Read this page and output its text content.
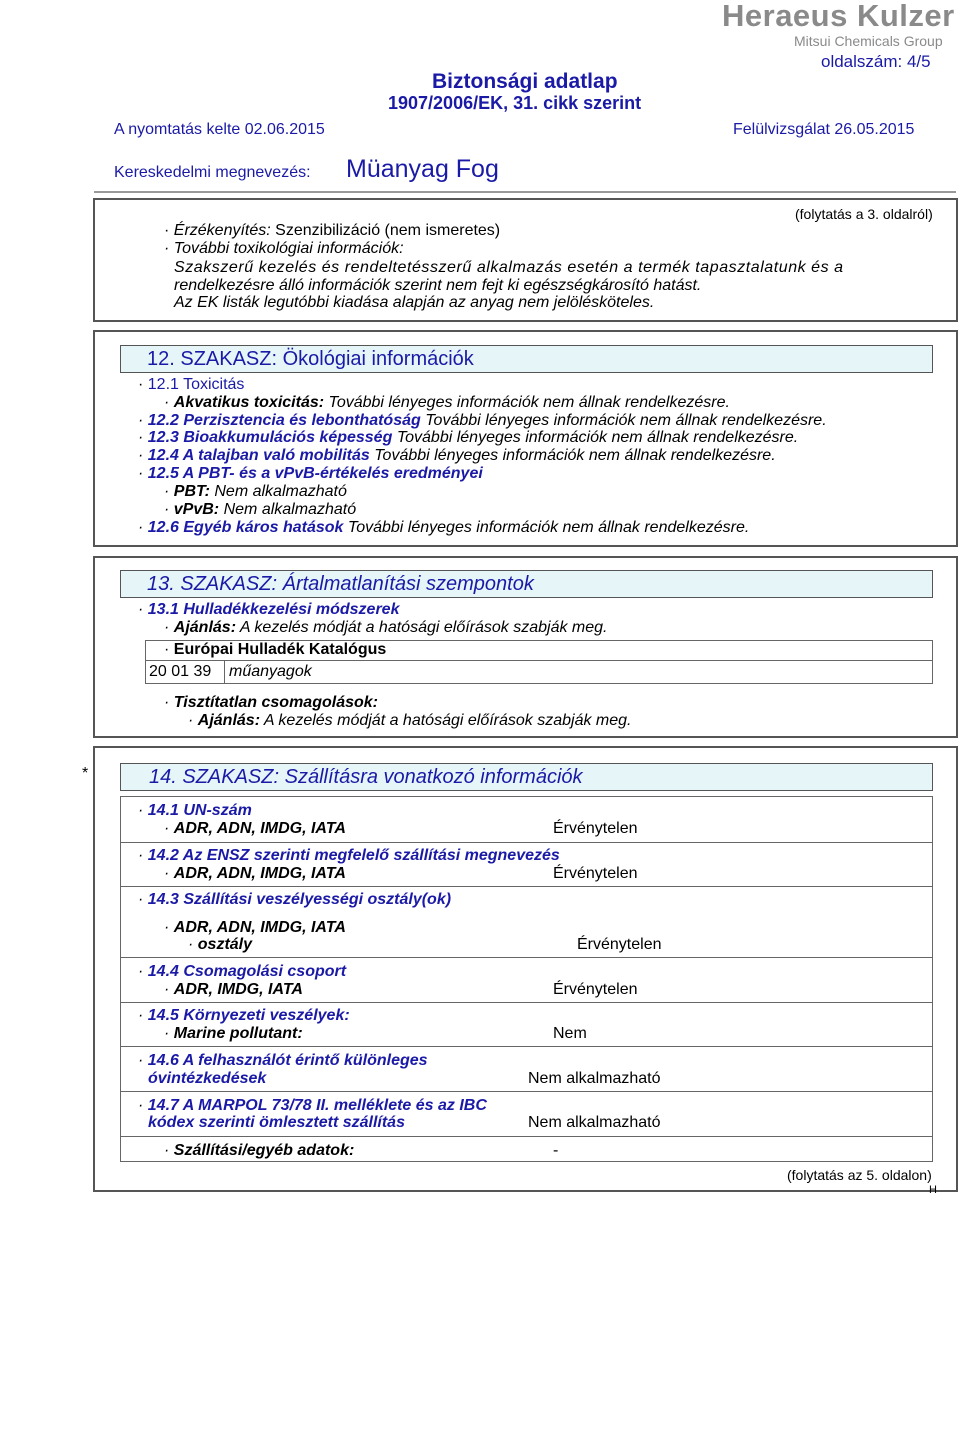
Heraeus Kulzer
Mitsui Chemicals Group
oldalszám: 4/5
Biztonsági adatlap
1907/2006/EK, 31. cikk szerint
A nyomtatás kelte 02.06.2015	Felülvizsgálat 26.05.2015
Kereskedelmi megnevezés: Müanyag Fog
(folytatás a 3. oldalról)
· Érzékenyítés: Szenzibilizáció (nem ismeretes)
· További toxikológiai információk:
Szakszerű kezelés és rendeltetésszerű alkalmazás esetén a termék tapasztalatunk és a
rendelkezésre álló információk szerint nem fejt ki egészségkárosító hatást.
Az EK listák legutóbbi kiadása alapján az anyag nem jelölésköteles.
12. SZAKASZ: Ökológiai információk
· 12.1 Toxicitás
· Akvatikus toxicitás: További lényeges információk nem állnak rendelkezésre.
· 12.2 Perzisztencia és lebonthatóság További lényeges információk nem állnak rendelkezésre.
· 12.3 Bioakkumulációs képesség További lényeges információk nem állnak rendelkezésre.
· 12.4 A talajban való mobilitás További lényeges információk nem állnak rendelkezésre.
· 12.5 A PBT- és a vPvB-értékelés eredményei
· PBT: Nem alkalmazható
· vPvB: Nem alkalmazható
· 12.6 Egyéb káros hatások További lényeges információk nem állnak rendelkezésre.
13. SZAKASZ: Ártalmatlanítási szempontok
· 13.1 Hulladékkezelési módszerek
· Ajánlás: A kezelés módját a hatósági előírások szabják meg.
· Európai Hulladék Katalógus
20 01 39 műanyagok
· Tisztítatlan csomagolások:
· Ajánlás: A kezelés módját a hatósági előírások szabják meg.
*	14. SZAKASZ: Szállításra vonatkozó információk
· 14.1 UN-szám
· ADR, ADN, IMDG, IATA	Érvénytelen
· 14.2 Az ENSZ szerinti megfelelő szállítási megnevezés
· ADR, ADN, IMDG, IATA	Érvénytelen
· 14.3 Szállítási veszélyességi osztály(ok)
· ADR, ADN, IMDG, IATA
· osztály	Érvénytelen
· 14.4 Csomagolási csoport
· ADR, IMDG, IATA	Érvénytelen
· 14.5 Környezeti veszélyek:
· Marine pollutant:	Nem
· 14.6 A felhasználót érintő különleges
óvintézkedések	Nem alkalmazható
· 14.7 A MARPOL 73/78 II. melléklete és az IBC
kódex szerinti ömlesztett szállítás	Nem alkalmazható
· Szállítási/egyéb adatok:	-
(folytatás az 5. oldalon)
H
